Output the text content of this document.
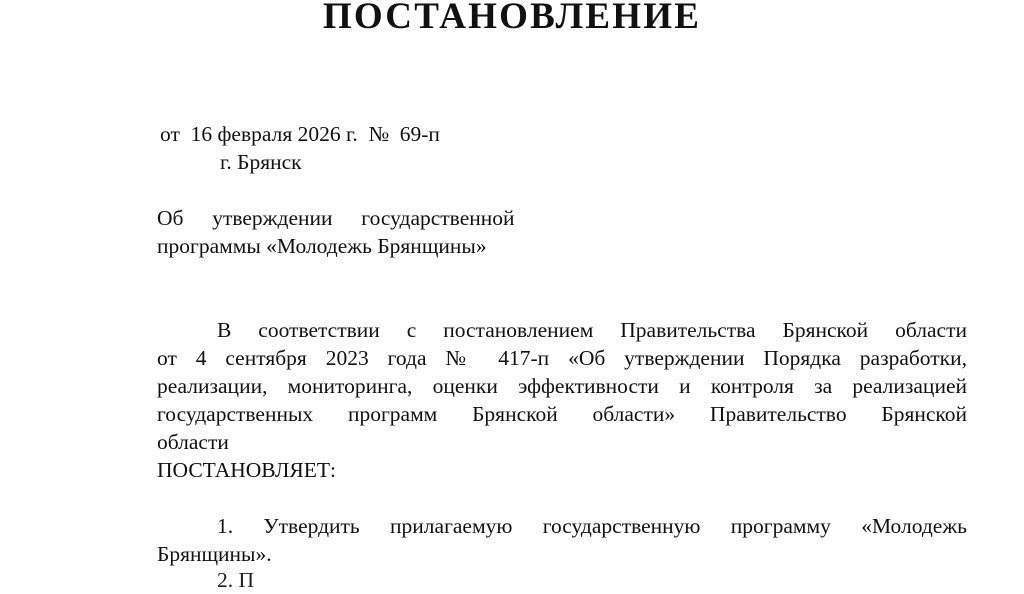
ПОСТАНОВЛЕНИЕ
от  16 февраля 2026 г.  №  69-п
г. Брянск
Об  утверждении  государственной
программы «Молодежь Брянщины»
В соответствии с постановлением Правительства Брянской области
от 4 сентября 2023 года № 417-п «Об утверждении Порядка разработки,
реализации, мониторинга, оценки эффективности и контроля за реализацией
государственных программ Брянской области» Правительство Брянской
области
ПОСТАНОВЛЯЕТ:
1. Утвердить прилагаемую государственную программу «Молодежь
Брянщины».
2. П
